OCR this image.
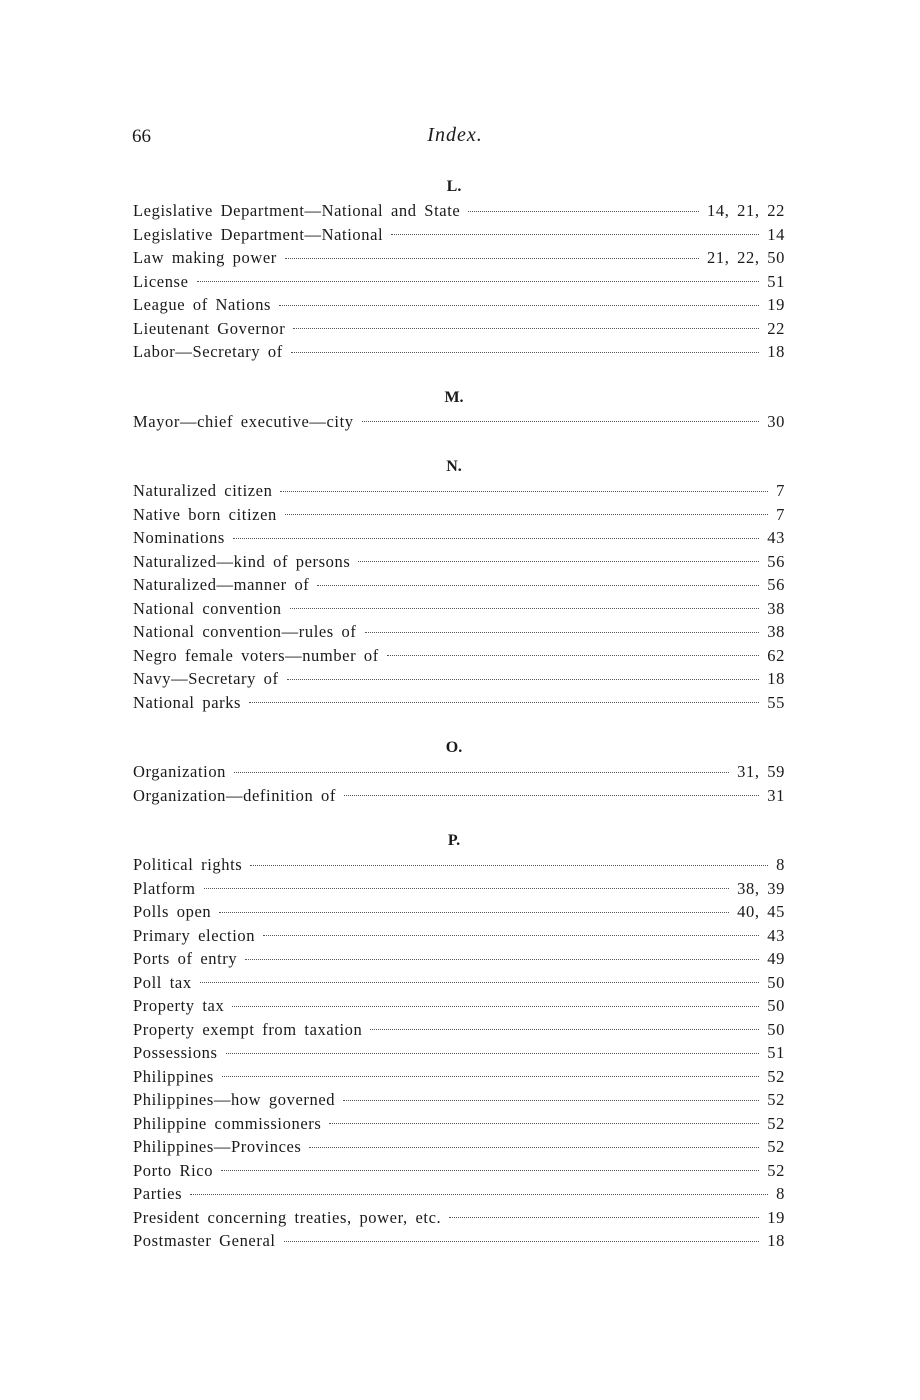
66	Index.
L.
Legislative Department—National and State	14, 21, 22
Legislative Department—National	14
Law making power	21, 22, 50
License	51
League of Nations	19
Lieutenant Governor	22
Labor—Secretary of	18
M.
Mayor—chief executive—city	30
N.
Naturalized citizen	7
Native born citizen	7
Nominations	43
Naturalized—kind of persons	56
Naturalized—manner of	56
National convention	38
National convention—rules of	38
Negro female voters—number of	62
Navy—Secretary of	18
National parks	55
O.
Organization	31, 59
Organization—definition of	31
P.
Political rights	8
Platform	38, 39
Polls open	40, 45
Primary election	43
Ports of entry	49
Poll tax	50
Property tax	50
Property exempt from taxation	50
Possessions	51
Philippines	52
Philippines—how governed	52
Philippine commissioners	52
Philippines—Provinces	52
Porto Rico	52
Parties	8
President concerning treaties, power, etc.	19
Postmaster General	18
